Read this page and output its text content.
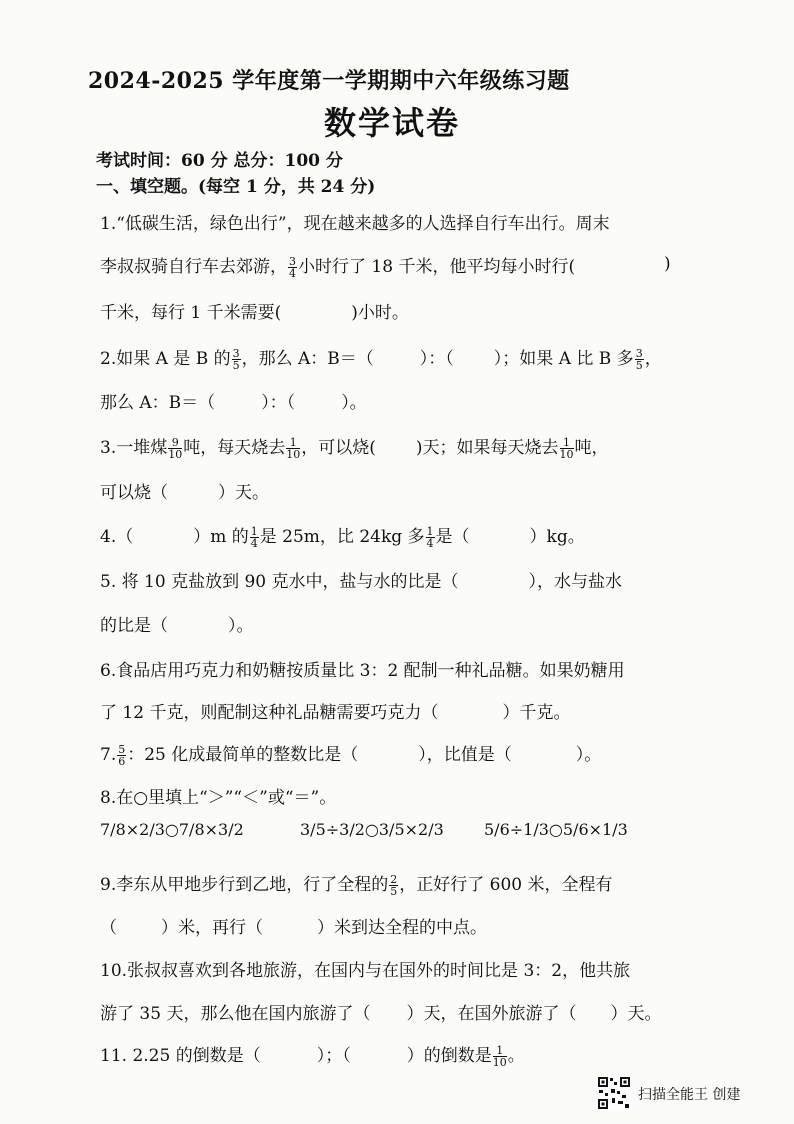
2024-2025 学年度第一学期期中六年级练习题
数学试卷
考试时间：60 分 总分：100 分
一、填空题。(每空 1 分，共 24 分)
1.“低碳生活，绿色出行”，现在越来越多的人选择自行车出行。周末
李叔叔骑自行车去郊游， $\frac{3}{4}$ 小时行了 18 千米，他平均每小时行(	)
千米，每行 1 千米需要(	)小时。
2.如果 A 是 B 的 $\frac{3}{5}$ ，那么 A：B＝（	）：（ ）；如果 A 比 B 多 $\frac{3}{5}$ ，
那么 A：B＝（	）：（	）。
3.一堆煤 $\frac{9}{10}$ 吨，每天烧去 $\frac{1}{10}$ ，可以烧( )天；如果每天烧去 $\frac{1}{10}$ 吨，
可以烧（	）天。
4.（	）m 的 $\frac{1}{4}$ 是 25m，比 24kg 多 $\frac{1}{4}$ 是（	）kg。
5. 将 10 克盐放到 90 克水中，盐与水的比是（	），水与盐水
的比是（	）。
6.食品店用巧克力和奶糖按质量比 3：2 配制一种礼品糖。如果奶糖用
了 12 千克，则配制这种礼品糖需要巧克力（	）千克。
7. $\frac{5}{6}$ ：25 化成最简单的整数比是（	），比值是（	）。
8.在○里填上“＞”“＜”或“＝”。
7/8×2/3○7/8×3/2	3/5÷3/2○3/5×2/3	5/6÷1/3○5/6×1/3
9.李东从甲地步行到乙地，行了全程的 $\frac{2}{5}$ ，正好行了 600 米，全程有
（	）米，再行（	）米到达全程的中点。
10.张叔叔喜欢到各地旅游，在国内与在国外的时间比是 3：2，他共旅
游了 35 天，那么他在国内旅游了（ ）天，在国外旅游了（ ）天。
11. 2.25 的倒数是（	）；（	）的倒数是 $\frac{1}{10}$ 。
扫描全能王 创建
